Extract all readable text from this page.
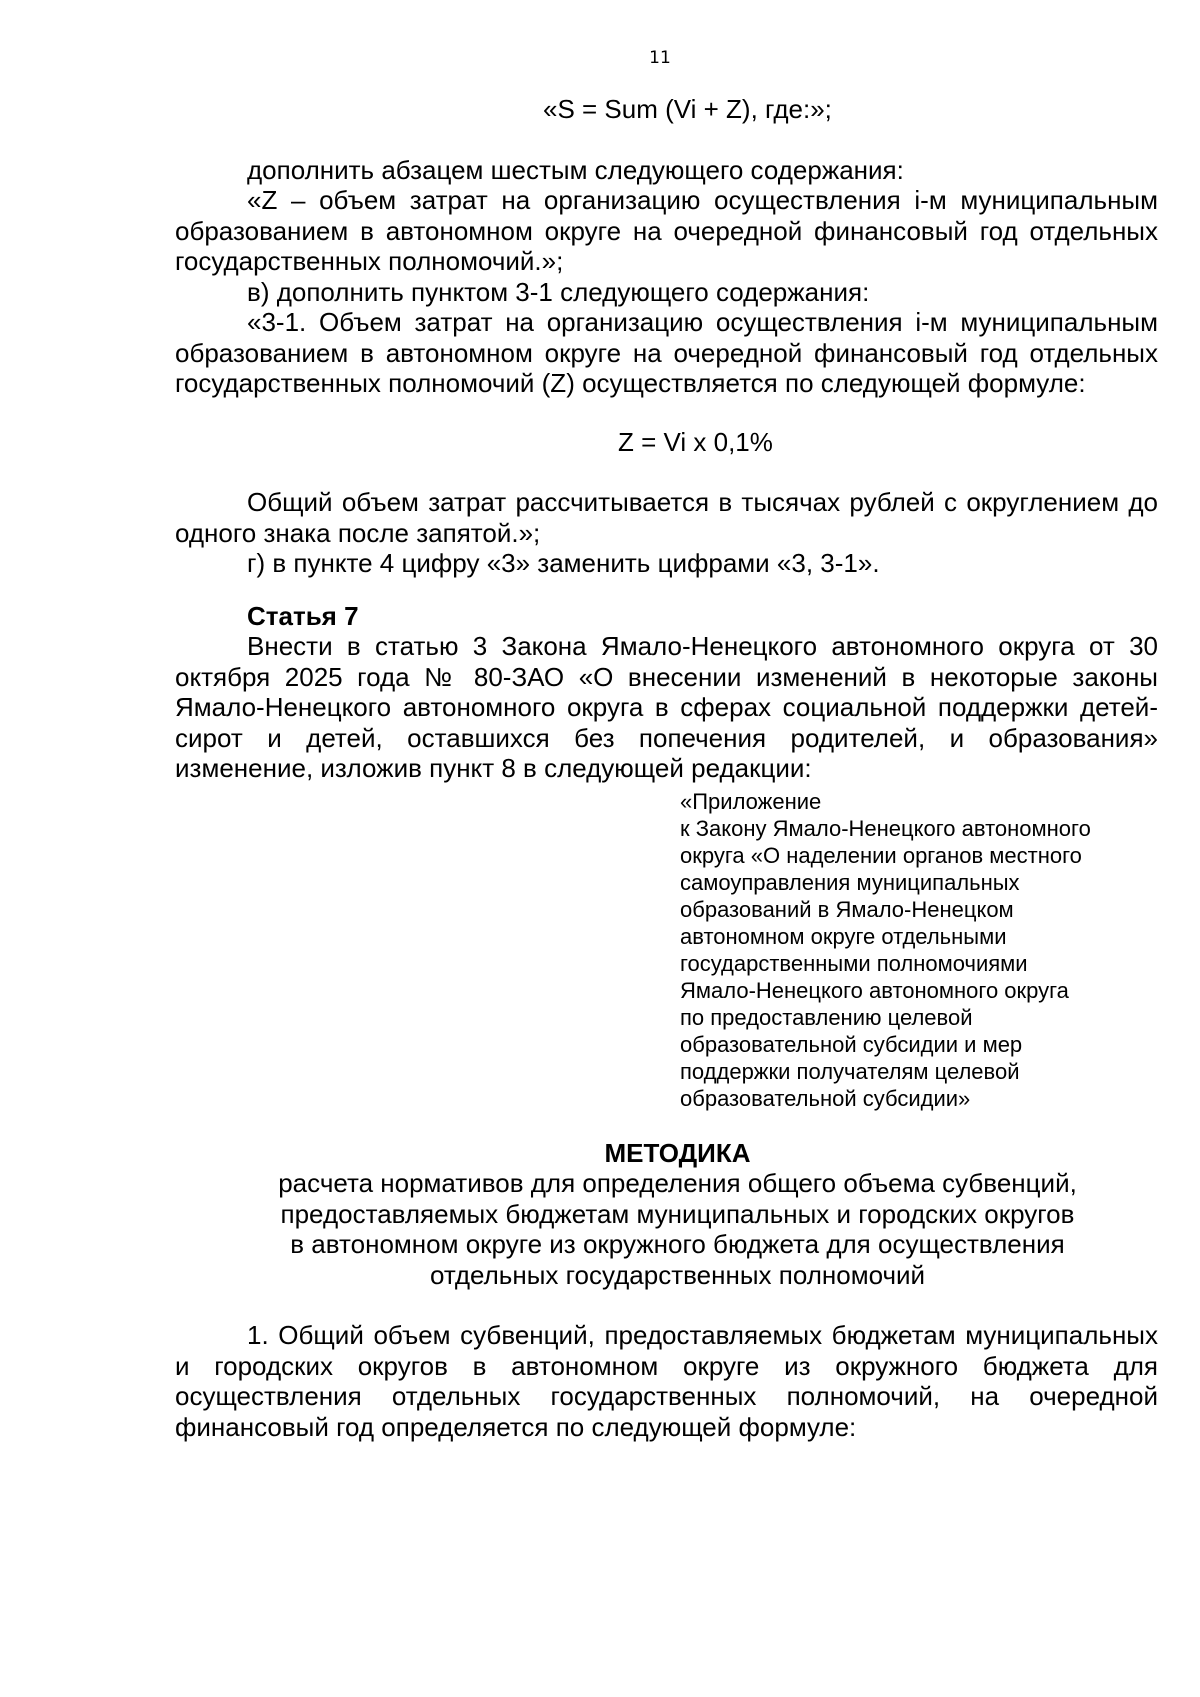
11
«S = Sum (Vi + Z), где:»;

дополнить абзацем шестым следующего содержания:

«Z – объем затрат на организацию осуществления i-м муниципальным образованием в автономном округе на очередной финансовый год отдельных государственных полномочий.»;

в) дополнить пунктом 3-1 следующего содержания:

«3-1. Объем затрат на организацию осуществления i-м муниципальным образованием в автономном округе на очередной финансовый год отдельных государственных полномочий (Z) осуществляется по следующей формуле:

Z = Vi x 0,1%

Общий объем затрат рассчитывается в тысячах рублей с округлением до одного знака после запятой.»;

г) в пункте 4 цифру «3» заменить цифрами «3, 3-1».

Статья 7

Внести в статью 3 Закона Ямало-Ненецкого автономного округа от 30 октября 2025 года № 80-ЗАО «О внесении изменений в некоторые законы Ямало-Ненецкого автономного округа в сферах социальной поддержки детей-сирот и детей, оставшихся без попечения родителей, и образования» изменение, изложив пункт 8 в следующей редакции:

«Приложение
к Закону Ямало-Ненецкого автономного
округа «О наделении органов местного
самоуправления муниципальных
образований в Ямало-Ненецком
автономном округе отдельными
государственными полномочиями
Ямало-Ненецкого автономного округа
по предоставлению целевой
образовательной субсидии и мер
поддержки получателям целевой
образовательной субсидии»
МЕТОДИКА
расчета нормативов для определения общего объема субвенций,
предоставляемых бюджетам муниципальных и городских округов
в автономном округе из окружного бюджета для осуществления
отдельных государственных полномочий

1. Общий объем субвенций, предоставляемых бюджетам муниципальных и городских округов в автономном округе из окружного бюджета для осуществления отдельных государственных полномочий, на очередной финансовый год определяется по следующей формуле:
